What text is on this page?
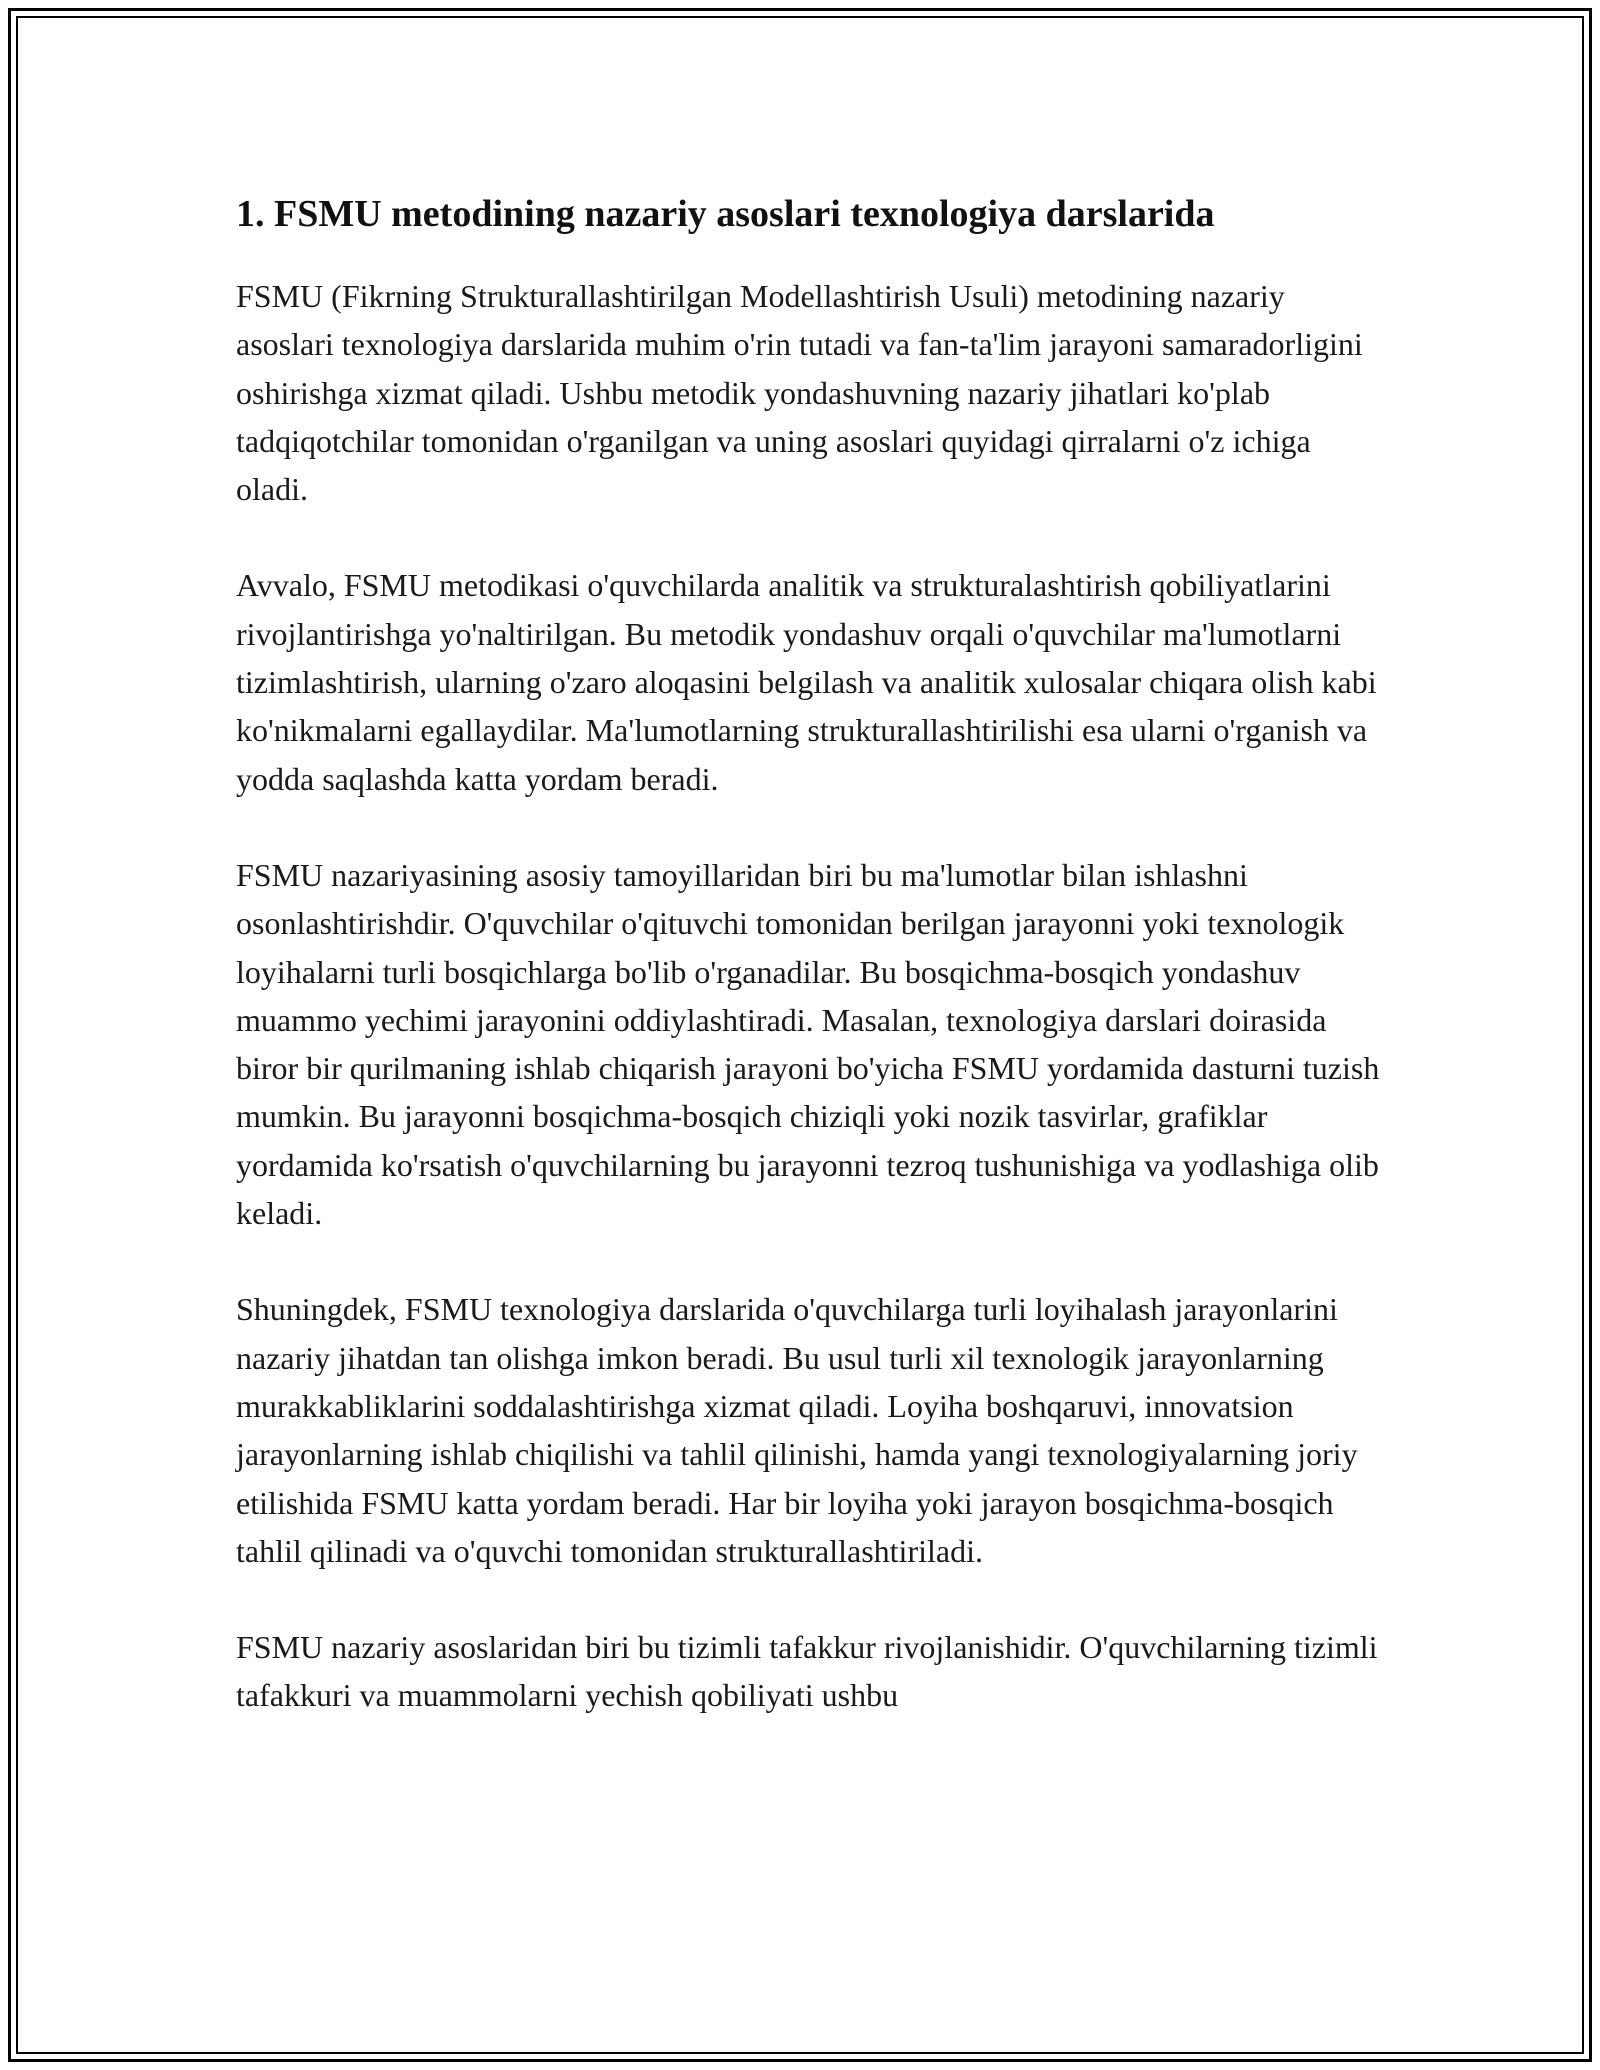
1. FSMU metodining nazariy asoslari texnologiya darslarida

FSMU (Fikrning Strukturallashtirilgan Modellashtirish Usuli) metodining nazariy asoslari texnologiya darslarida muhim o'rin tutadi va fan-ta'lim jarayoni samaradorligini oshirishga xizmat qiladi. Ushbu metodik yondashuvning nazariy jihatlari ko'plab tadqiqotchilar tomonidan o'rganilgan va uning asoslari quyidagi qirralarni o'z ichiga oladi.

Avvalo, FSMU metodikasi o'quvchilarda analitik va strukturalashtirish qobiliyatlarini rivojlantirishga yo'naltirilgan. Bu metodik yondashuv orqali o'quvchilar ma'lumotlarni tizimlashtirish, ularning o'zaro aloqasini belgilash va analitik xulosalar chiqara olish kabi ko'nikmalarni egallaydilar. Ma'lumotlarning strukturallashtirilishi esa ularni o'rganish va yodda saqlashda katta yordam beradi.

FSMU nazariyasining asosiy tamoyillaridan biri bu ma'lumotlar bilan ishlashni osonlashtirishdir. O'quvchilar o'qituvchi tomonidan berilgan jarayonni yoki texnologik loyihalarni turli bosqichlarga bo'lib o'rganadilar. Bu bosqichma-bosqich yondashuv muammo yechimi jarayonini oddiylashtiradi. Masalan, texnologiya darslari doirasida biror bir qurilmaning ishlab chiqarish jarayoni bo'yicha FSMU yordamida dasturni tuzish mumkin. Bu jarayonni bosqichma-bosqich chiziqli yoki nozik tasvirlar, grafiklar yordamida ko'rsatish o'quvchilarning bu jarayonni tezroq tushunishiga va yodlashiga olib keladi.

Shuningdek, FSMU texnologiya darslarida o'quvchilarga turli loyihalash jarayonlarini nazariy jihatdan tan olishga imkon beradi. Bu usul turli xil texnologik jarayonlarning murakkabliklarini soddalashtirishga xizmat qiladi. Loyiha boshqaruvi, innovatsion jarayonlarning ishlab chiqilishi va tahlil qilinishi, hamda yangi texnologiyalarning joriy etilishida FSMU katta yordam beradi. Har bir loyiha yoki jarayon bosqichma-bosqich tahlil qilinadi va o'quvchi tomonidan strukturallashtiriladi.

FSMU nazariy asoslaridan biri bu tizimli tafakkur rivojlanishidir. O'quvchilarning tizimli tafakkuri va muammolarni yechish qobiliyati ushbu
